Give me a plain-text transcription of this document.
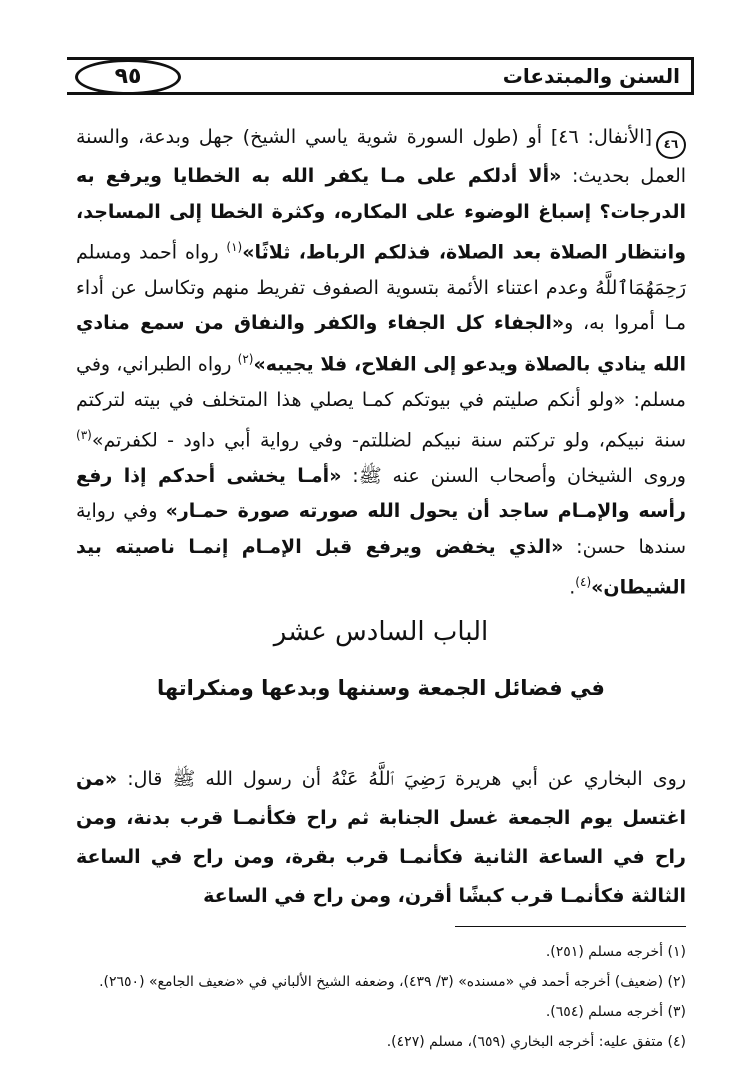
السنن والمبتدعات
٩٥

٤٦[الأنفال: ٤٦] أو (طول السورة شوية ياسي الشيخ) جهل وبدعة، والسنة العمل بحديث: «ألا أدلكم على مـا يكفر الله به الخطايا ويرفع به الدرجات؟ إسباغ الوضوء على المكاره، وكثرة الخطا إلى المساجد، وانتظار الصلاة بعد الصلاة، فذلكم الرباط، ثلاثًا»$^{(١)}$ رواه أحمد ومسلم رَحِمَهُمَاٱللَّهُ وعدم اعتناء الأئمة بتسوية الصفوف تفريط منهم وتكاسل عن أداء مـا أمروا به، و«الجفاء كل الجفاء والكفر والنفاق من سمع منادي الله ينادي بالصلاة ويدعو إلى الفلاح، فلا يجيبه»$^{(٢)}$ رواه الطبراني، وفي مسلم: «ولو أنكم صليتم في بيوتكم كمـا يصلي هذا المتخلف في بيته لتركتم سنة نبيكم، ولو تركتم سنة نبيكم لضللتم- وفي رواية أبي داود - لكفرتم»$^{(٣)}$ وروى الشيخان وأصحاب السنن عنه ﷺ: «أمـا يخشى أحدكم إذا رفع رأسه والإمـام ساجد أن يحول الله صورته صورة حمـار» وفي رواية سندها حسن: «الذي يخفض ويرفع قبل الإمـام إنمـا ناصيته بيد الشيطان»$^{(٤)}$.

الباب السادس عشر
في فضائل الجمعة وسننها وبدعها ومنكراتها

روى البخاري عن أبي هريرة رَضِيَ ٱللَّهُ عَنْهُ أن رسول الله ﷺ قال: «من اغتسل يوم الجمعة غسل الجنابة ثم راح فكأنمـا قرب بدنة، ومن راح في الساعة الثانية فكأنمـا قرب بقرة، ومن راح في الساعة الثالثة فكأنمـا قرب كبشًا أقرن، ومن راح في الساعة

(١) أخرجه مسلم (٢٥١).
(٢) (ضعيف) أخرجه أحمد في «مسنده» (٣/ ٤٣٩)، وضعفه الشيخ الألباني في «ضعيف الجامع» (٢٦٥٠).
(٣) أخرجه مسلم (٦٥٤).
(٤) متفق عليه: أخرجه البخاري (٦٥٩)، مسلم (٤٢٧).
